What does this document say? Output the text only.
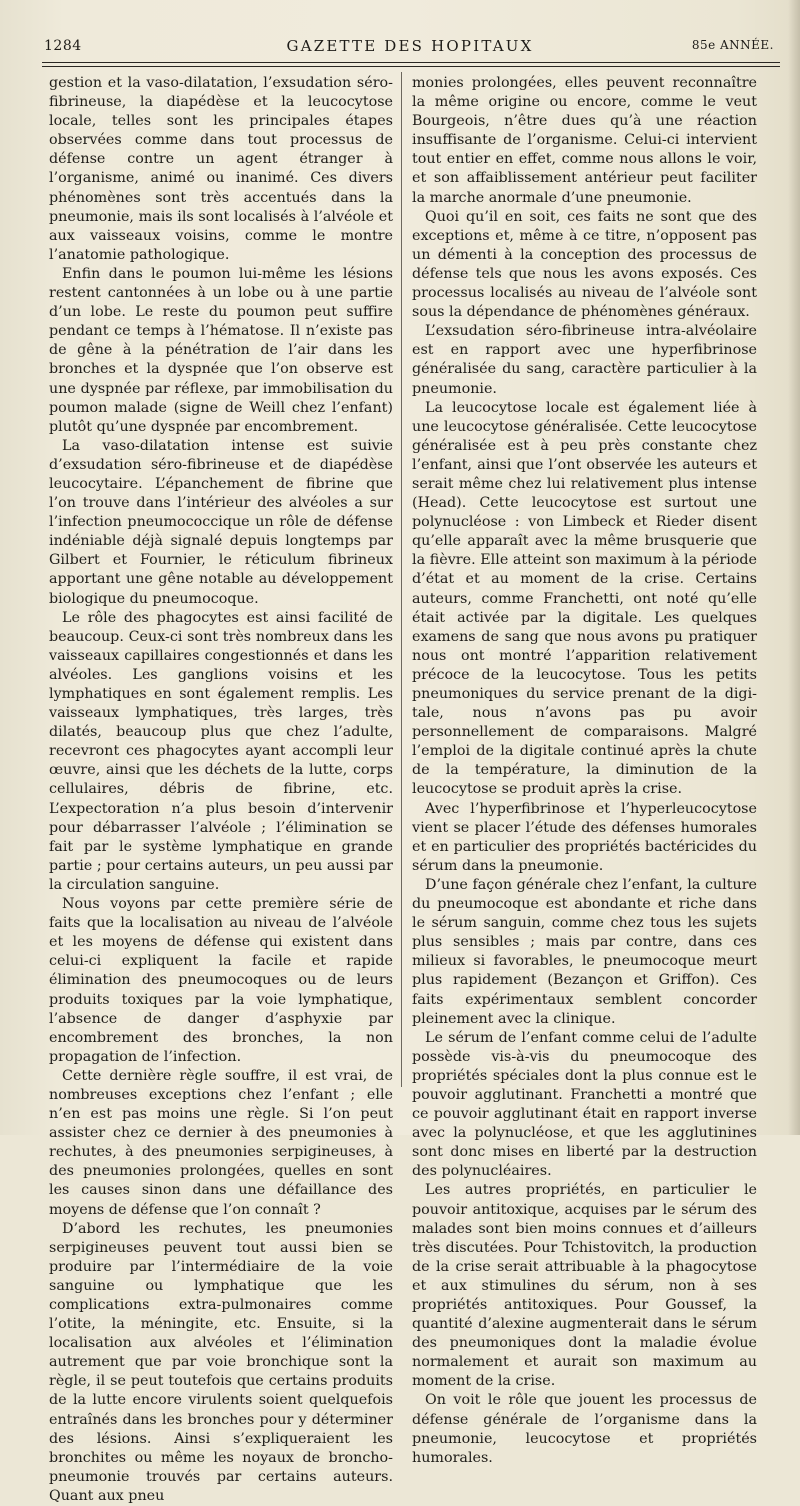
1284	GAZETTE DES HOPITAUX	85e ANNÉE.

gestion et la vaso-dilatation, l’exsudation séro-fibrineuse, la diapédèse et la leucocytose locale, telles sont les principales étapes observées comme dans tout processus de défense contre un agent étranger à l’organisme, animé ou inanimé. Ces divers phénomènes sont très accentués dans la pneumonie, mais ils sont localisés à l’alvéole et aux vaisseaux voisins, comme le montre l’anatomie pathologique.

Enfin dans le poumon lui-même les lésions restent cantonnées à un lobe ou à une partie d’un lobe. Le reste du poumon peut suffire pendant ce temps à l’hématose. Il n’existe pas de gêne à la pénétration de l’air dans les bronches et la dyspnée que l’on observe est une dyspnée par réflexe, par immobilisation du poumon malade (signe de Weill chez l’enfant) plutôt qu’une dyspnée par encombrement.

La vaso-dilatation intense est suivie d’exsudation séro-fibrineuse et de diapédèse leucocytaire. L’épanchement de fibrine que l’on trouve dans l’intérieur des alvéoles a sur l’infection pneumococcique un rôle de défense indéniable déjà signalé depuis longtemps par Gilbert et Fournier, le réticulum fibrineux apportant une gêne notable au développement biologique du pneumocoque.

Le rôle des phagocytes est ainsi facilité de beaucoup. Ceux-ci sont très nombreux dans les vaisseaux capillaires congestionnés et dans les alvéoles. Les ganglions voisins et les lymphatiques en sont également remplis. Les vaisseaux lymphatiques, très larges, très dilatés, beaucoup plus que chez l’adulte, recevront ces phagocytes ayant accompli leur œuvre, ainsi que les déchets de la lutte, corps cellulaires, débris de fibrine, etc. L’expectoration n’a plus besoin d’intervenir pour débarrasser l’alvéole ; l’élimination se fait par le système lymphatique en grande partie ; pour certains auteurs, un peu aussi par la circulation sanguine.

Nous voyons par cette première série de faits que la localisation au niveau de l’alvéole et les moyens de défense qui existent dans celui-ci expliquent la facile et rapide élimination des pneumocoques ou de leurs produits toxiques par la voie lymphatique, l’absence de danger d’asphyxie par encombrement des bronches, la non propagation de l’infection.

Cette dernière règle souffre, il est vrai, de nombreuses exceptions chez l’enfant ; elle n’en est pas moins une règle. Si l’on peut assister chez ce dernier à des pneumonies à rechutes, à des pneumonies serpigineuses, à des pneumonies prolongées, quelles en sont les causes sinon dans une défaillance des moyens de défense que l’on connaît ?

D’abord les rechutes, les pneumonies serpigineuses peuvent tout aussi bien se produire par l’intermédiaire de la voie sanguine ou lymphatique que les complications extra-pulmonaires comme l’otite, la méningite, etc. Ensuite, si la localisation aux alvéoles et l’élimination autrement que par voie bronchique sont la règle, il se peut toutefois que certains produits de la lutte encore virulents soient quelquefois entraînés dans les bronches pour y déterminer des lésions. Ainsi s’expliqueraient les bronchites ou même les noyaux de broncho-pneumonie trouvés par certains auteurs. Quant aux pneu

monies prolongées, elles peuvent reconnaître la même origine ou encore, comme le veut Bourgeois, n’être dues qu’à une réaction insuffisante de l’organisme. Celui-ci intervient tout entier en effet, comme nous allons le voir, et son affaiblissement antérieur peut faciliter la marche anormale d’une pneumonie.

Quoi qu’il en soit, ces faits ne sont que des exceptions et, même à ce titre, n’opposent pas un démenti à la conception des processus de défense tels que nous les avons exposés. Ces processus localisés au niveau de l’alvéole sont sous la dépendance de phénomènes généraux.

L’exsudation séro-fibrineuse intra-alvéolaire est en rapport avec une hyperfibrinose généralisée du sang, caractère particulier à la pneumonie.

La leucocytose locale est également liée à une leucocytose généralisée. Cette leucocytose généralisée est à peu près constante chez l’enfant, ainsi que l’ont observée les auteurs et serait même chez lui relativement plus intense (Head). Cette leucocytose est surtout une polynucléose : von Limbeck et Rieder disent qu’elle apparaît avec la même brusquerie que la fièvre. Elle atteint son maximum à la période d’état et au moment de la crise. Certains auteurs, comme Franchetti, ont noté qu’elle était activée par la digitale. Les quelques examens de sang que nous avons pu pratiquer nous ont montré l’apparition relativement précoce de la leucocytose. Tous les petits pneumoniques du service prenant de la digitale, nous n’avons pas pu avoir personnellement de comparaisons. Malgré l’emploi de la digitale continué après la chute de la température, la diminution de la leucocytose se produit après la crise.

Avec l’hyperfibrinose et l’hyperleucocytose vient se placer l’étude des défenses humorales et en particulier des propriétés bactéricides du sérum dans la pneumonie.

D’une façon générale chez l’enfant, la culture du pneumocoque est abondante et riche dans le sérum sanguin, comme chez tous les sujets plus sensibles ; mais par contre, dans ces milieux si favorables, le pneumocoque meurt plus rapidement (Bezançon et Griffon). Ces faits expérimentaux semblent concorder pleinement avec la clinique.

Le sérum de l’enfant comme celui de l’adulte possède vis-à-vis du pneumocoque des propriétés spéciales dont la plus connue est le pouvoir agglutinant. Franchetti a montré que ce pouvoir agglutinant était en rapport inverse avec la polynucléose, et que les agglutinines sont donc mises en liberté par la destruction des polynucléaires.

Les autres propriétés, en particulier le pouvoir antitoxique, acquises par le sérum des malades sont bien moins connues et d’ailleurs très discutées. Pour Tchistovitch, la production de la crise serait attribuable à la phagocytose et aux stimulines du sérum, non à ses propriétés antitoxiques. Pour Goussef, la quantité d’alexine augmenterait dans le sérum des pneumoniques dont la maladie évolue normalement et aurait son maximum au moment de la crise.

On voit le rôle que jouent les processus de défense générale de l’organisme dans la pneumonie, leucocytose et propriétés humorales.
